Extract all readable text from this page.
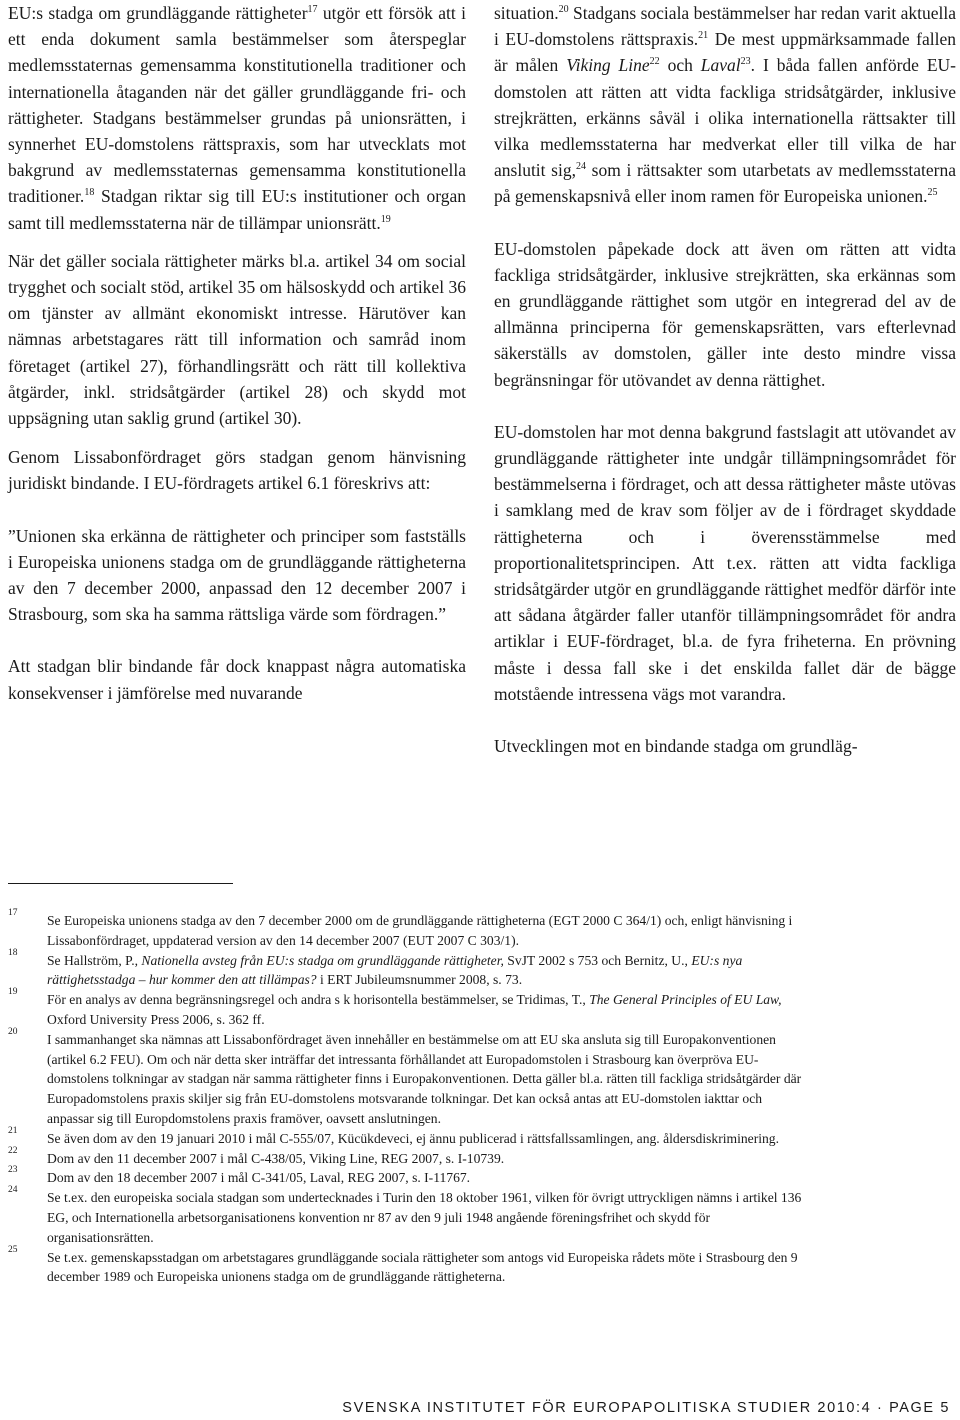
EU:s stadga om grundläggande rättigheter$^{17}$ utgör ett försök att i ett enda dokument samla bestämmelser som återspeglar medlemsstaternas gemensamma konstitutionella traditioner och internationella åtaganden när det gäller grundläggande fri- och rättigheter. Stadgans bestämmelser grundas på unionsrätten, i synnerhet EU-domstolens rättspraxis, som har utvecklats mot bakgrund av medlemsstaternas gemensamma konstitutionella traditioner.$^{18}$ Stadgan riktar sig till EU:s institutioner och organ samt till medlemsstaterna när de tillämpar unionsrätt.$^{19}$

När det gäller sociala rättigheter märks bl.a. artikel 34 om social trygghet och socialt stöd, artikel 35 om hälsoskydd och artikel 36 om tjänster av allmänt ekonomiskt intresse. Härutöver kan nämnas arbetstagares rätt till information och samråd inom företaget (artikel 27), förhandlingsrätt och rätt till kollektiva åtgärder, inkl. stridsåtgärder (artikel 28) och skydd mot uppsägning utan saklig grund (artikel 30).

Genom Lissabonfördraget görs stadgan genom hänvisning juridiskt bindande. I EU-fördragets artikel 6.1 föreskrivs att:

”Unionen ska erkänna de rättigheter och principer som fastställs i Europeiska unionens stadga om de grundläggande rättigheterna av den 7 december 2000, anpassad den 12 december 2007 i Strasbourg, som ska ha samma rättsliga värde som fördragen.”

Att stadgan blir bindande får dock knappast några automatiska konsekvenser i jämförelse med nuvarande

situation.$^{20}$ Stadgans sociala bestämmelser har redan varit aktuella i EU-domstolens rättspraxis.$^{21}$ De mest uppmärksammade fallen är målen Viking Line$^{22}$ och Laval$^{23}$. I båda fallen anförde EU-domstolen att rätten att vidta fackliga stridsåtgärder, inklusive strejkrätten, erkänns såväl i olika internationella rättsakter till vilka medlemsstaterna har medverkat eller till vilka de har anslutit sig,$^{24}$ som i rättsakter som utarbetats av medlemsstaterna på gemenskapsnivå eller inom ramen för Europeiska unionen.$^{25}$

EU-domstolen påpekade dock att även om rätten att vidta fackliga stridsåtgärder, inklusive strejkrätten, ska erkännas som en grundläggande rättighet som utgör en integrerad del av de allmänna principerna för gemenskapsrätten, vars efterlevnad säkerställs av domstolen, gäller inte desto mindre vissa begränsningar för utövandet av denna rättighet.

EU-domstolen har mot denna bakgrund fastslagit att utövandet av grundläggande rättigheter inte undgår tillämpningsområdet för bestämmelserna i fördraget, och att dessa rättigheter måste utövas i samklang med de krav som följer av de i fördraget skyddade rättigheterna och i överensstämmelse med proportionalitetsprincipen. Att t.ex. rätten att vidta fackliga stridsåtgärder utgör en grundläggande rättighet medför därför inte att sådana åtgärder faller utanför tillämpningsområdet för andra artiklar i EUF-fördraget, bl.a. de fyra friheterna. En prövning måste i dessa fall ske i det enskilda fallet där de bägge motstående intressena vägs mot varandra.

Utvecklingen mot en bindande stadga om grundläg-

17 Se Europeiska unionens stadga av den 7 december 2000 om de grundläggande rättigheterna (EGT 2000 C 364/1) och, enligt hänvisning i Lissabonfördraget, uppdaterad version av den 14 december 2007 (EUT 2007 C 303/1).
18 Se Hallström, P., Nationella avsteg från EU:s stadga om grundläggande rättigheter, SvJT 2002 s 753 och Bernitz, U., EU:s nya rättighetsstadga – hur kommer den att tillämpas? i ERT Jubileumsnummer 2008, s. 73.
19 För en analys av denna begränsningsregel och andra s k horisontella bestämmelser, se Tridimas, T., The General Principles of EU Law, Oxford University Press 2006, s. 362 ff.
20 I sammanhanget ska nämnas att Lissabonfördraget även innehåller en bestämmelse om att EU ska ansluta sig till Europakonventionen (artikel 6.2 FEU). Om och när detta sker inträffar det intressanta förhållandet att Europadomstolen i Strasbourg kan överpröva EU-domstolens tolkningar av stadgan när samma rättigheter finns i Europakonventionen. Detta gäller bl.a. rätten till fackliga stridsåtgärder där Europadomstolens praxis skiljer sig från EU-domstolens motsvarande tolkningar. Det kan också antas att EU-domstolen iakttar och anpassar sig till Europdomstolens praxis framöver, oavsett anslutningen.
21 Se även dom av den 19 januari 2010 i mål C-555/07, Kücükdeveci, ej ännu publicerad i rättsfallssamlingen, ang. åldersdiskriminering.
22 Dom av den 11 december 2007 i mål C-438/05, Viking Line, REG 2007, s. I-10739.
23 Dom av den 18 december 2007 i mål C-341/05, Laval, REG 2007, s. I-11767.
24 Se t.ex. den europeiska sociala stadgan som undertecknades i Turin den 18 oktober 1961, vilken för övrigt uttryckligen nämns i artikel 136 EG, och Internationella arbetsorganisationens konvention nr 87 av den 9 juli 1948 angående föreningsfrihet och skydd för organisationsrätten.
25 Se t.ex. gemenskapsstadgan om arbetstagares grundläggande sociala rättigheter som antogs vid Europeiska rådets möte i Strasbourg den 9 december 1989 och Europeiska unionens stadga om de grundläggande rättigheterna.
SVENSKA INSTITUTET FÖR EUROPAPOLITISKA STUDIER 2010:4 · PAGE 5
